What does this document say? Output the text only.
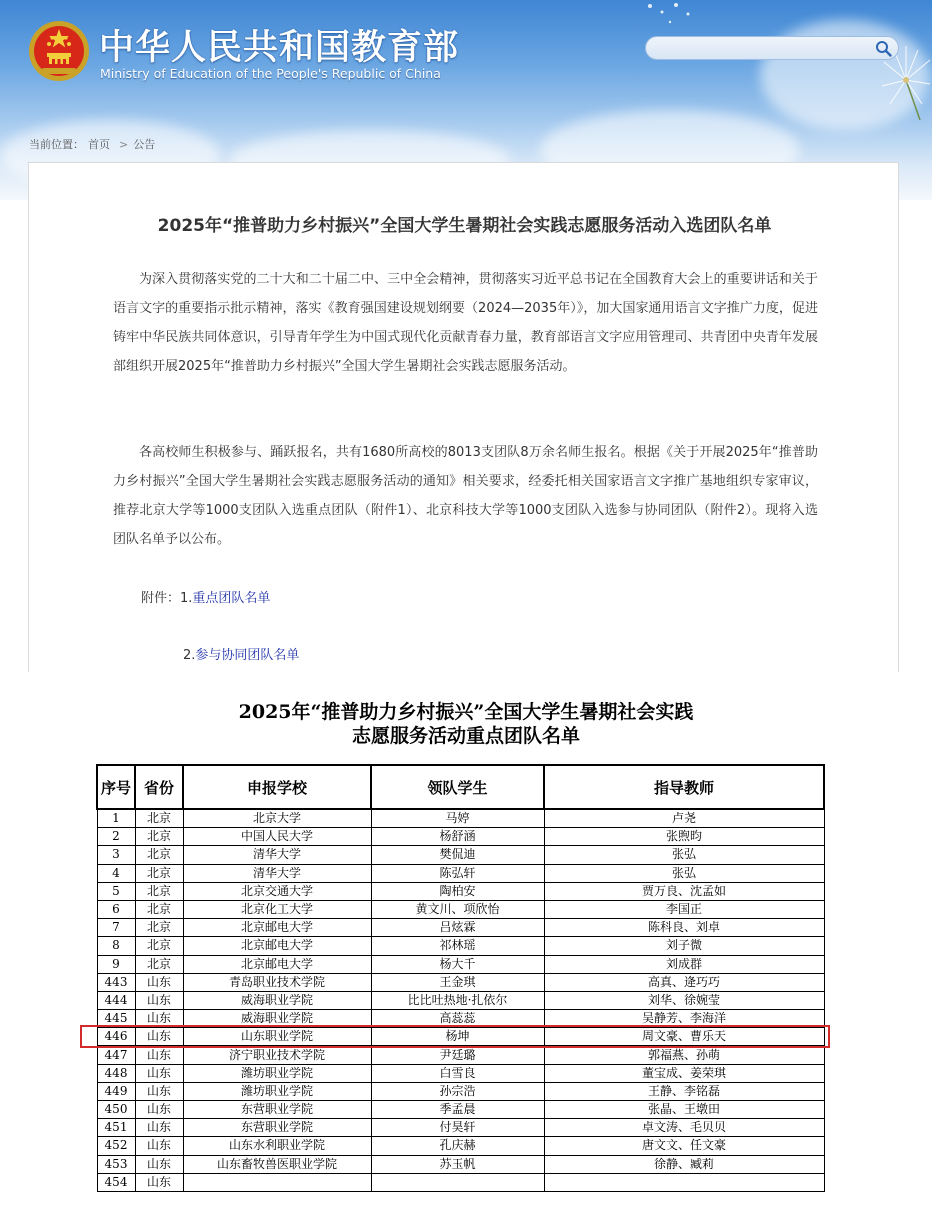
中华人民共和国教育部
Ministry of Education of the People's Republic of China
当前位置： 首页 > 公告
2025年“推普助力乡村振兴”全国大学生暑期社会实践志愿服务活动入选团队名单

为深入贯彻落实党的二十大和二十届二中、三中全会精神，贯彻落实习近平总书记在全国教育大会上的重要讲话和关于语言文字的重要指示批示精神，落实《教育强国建设规划纲要（2024—2035年）》，加大国家通用语言文字推广力度，促进铸牢中华民族共同体意识，引导青年学生为中国式现代化贡献青春力量，教育部语言文字应用管理司、共青团中央青年发展部组织开展2025年“推普助力乡村振兴”全国大学生暑期社会实践志愿服务活动。

各高校师生积极参与、踊跃报名，共有1680所高校的8013支团队8万余名师生报名。根据《关于开展2025年“推普助力乡村振兴”全国大学生暑期社会实践志愿服务活动的通知》相关要求，经委托相关国家语言文字推广基地组织专家审议，推荐北京大学等1000支团队入选重点团队（附件1）、北京科技大学等1000支团队入选参与协同团队（附件2）。现将入选团队名单予以公布。

附件：1.重点团队名单
2.参与协同团队名单
2025年“推普助力乡村振兴”全国大学生暑期社会实践
志愿服务活动重点团队名单
序号	省份	申报学校	领队学生	指导教师
1	北京	北京大学	马婷	卢尧
2	北京	中国人民大学	杨舒涵	张煦昀
3	北京	清华大学	樊侃迪	张弘
4	北京	清华大学	陈弘轩	张弘
5	北京	北京交通大学	陶柏安	贾万良、沈孟如
6	北京	北京化工大学	黄文川、项欣怡	李国正
7	北京	北京邮电大学	吕炫霖	陈科良、刘卓
8	北京	北京邮电大学	祁林瑶	刘子微
9	北京	北京邮电大学	杨大千	刘成群
443	山东	青岛职业技术学院	王金琪	高真、逄巧巧
444	山东	威海职业学院	比比吐热地·扎依尔	刘华、徐婉莹
445	山东	威海职业学院	高蕊蕊	吴静芳、李海洋
446	山东	山东职业学院	杨坤	周文豪、曹乐天
447	山东	济宁职业技术学院	尹廷璐	郭福燕、孙萌
448	山东	潍坊职业学院	白雪良	董宝成、姜荣琪
449	山东	潍坊职业学院	孙宗浩	王静、李铭磊
450	山东	东营职业学院	季孟晨	张晶、王墩田
451	山东	东营职业学院	付昊轩	卓文涛、毛贝贝
452	山东	山东水利职业学院	孔庆赫	唐文文、任文豪
453	山东	山东畜牧兽医职业学院	苏玉帆	徐静、臧莉
454	山东			
